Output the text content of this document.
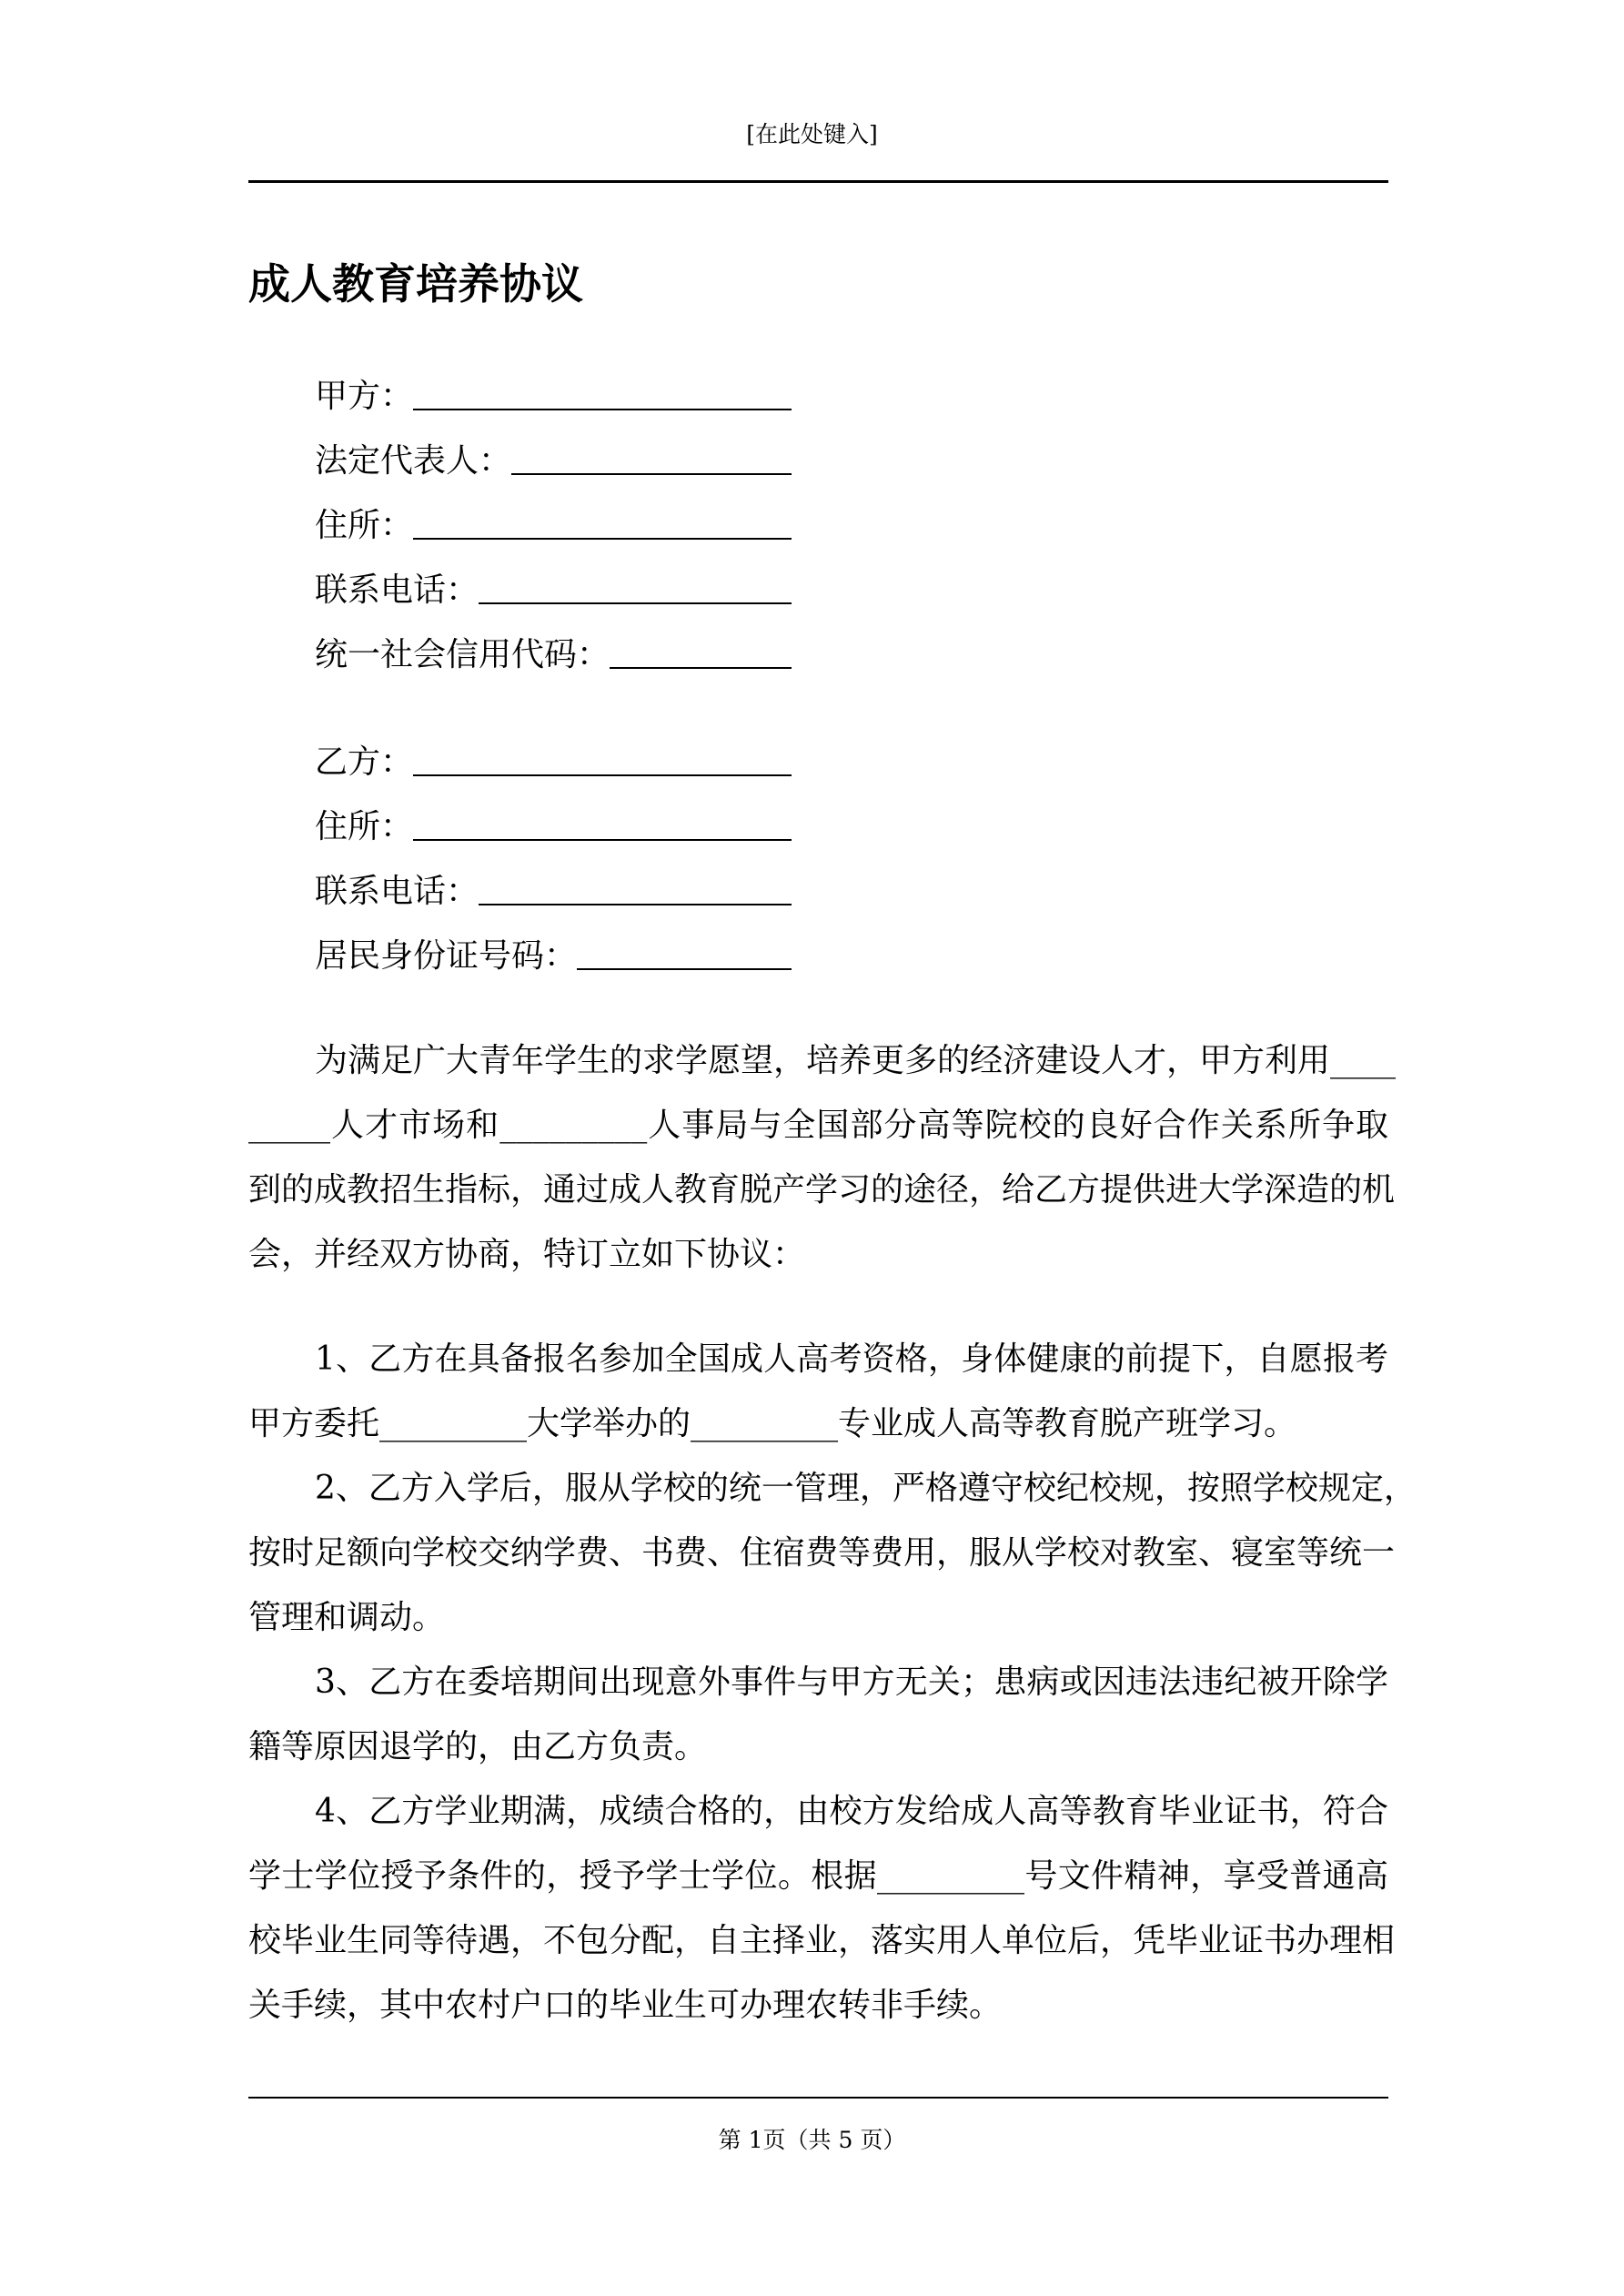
[在此处键入]
成人教育培养协议
甲方：
法定代表人：
住所：
联系电话：
统一社会信用代码：
乙方：
住所：
联系电话：
居民身份证号码：
为满足广大青年学生的求学愿望，培养更多的经济建设人才，甲方利用____
_____人才市场和_________人事局与全国部分高等院校的良好合作关系所争取
到的成教招生指标，通过成人教育脱产学习的途径，给乙方提供进大学深造的机
会，并经双方协商，特订立如下协议：
1、乙方在具备报名参加全国成人高考资格，身体健康的前提下，自愿报考
甲方委托_________大学举办的_________专业成人高等教育脱产班学习。
2、乙方入学后，服从学校的统一管理，严格遵守校纪校规，按照学校规定，
按时足额向学校交纳学费、书费、住宿费等费用，服从学校对教室、寝室等统一
管理和调动。
3、乙方在委培期间出现意外事件与甲方无关；患病或因违法违纪被开除学
籍等原因退学的，由乙方负责。
4、乙方学业期满，成绩合格的，由校方发给成人高等教育毕业证书，符合
学士学位授予条件的，授予学士学位。根据_________号文件精神，享受普通高
校毕业生同等待遇，不包分配，自主择业，落实用人单位后，凭毕业证书办理相
关手续，其中农村户口的毕业生可办理农转非手续。
第 1页（共 5 页）
